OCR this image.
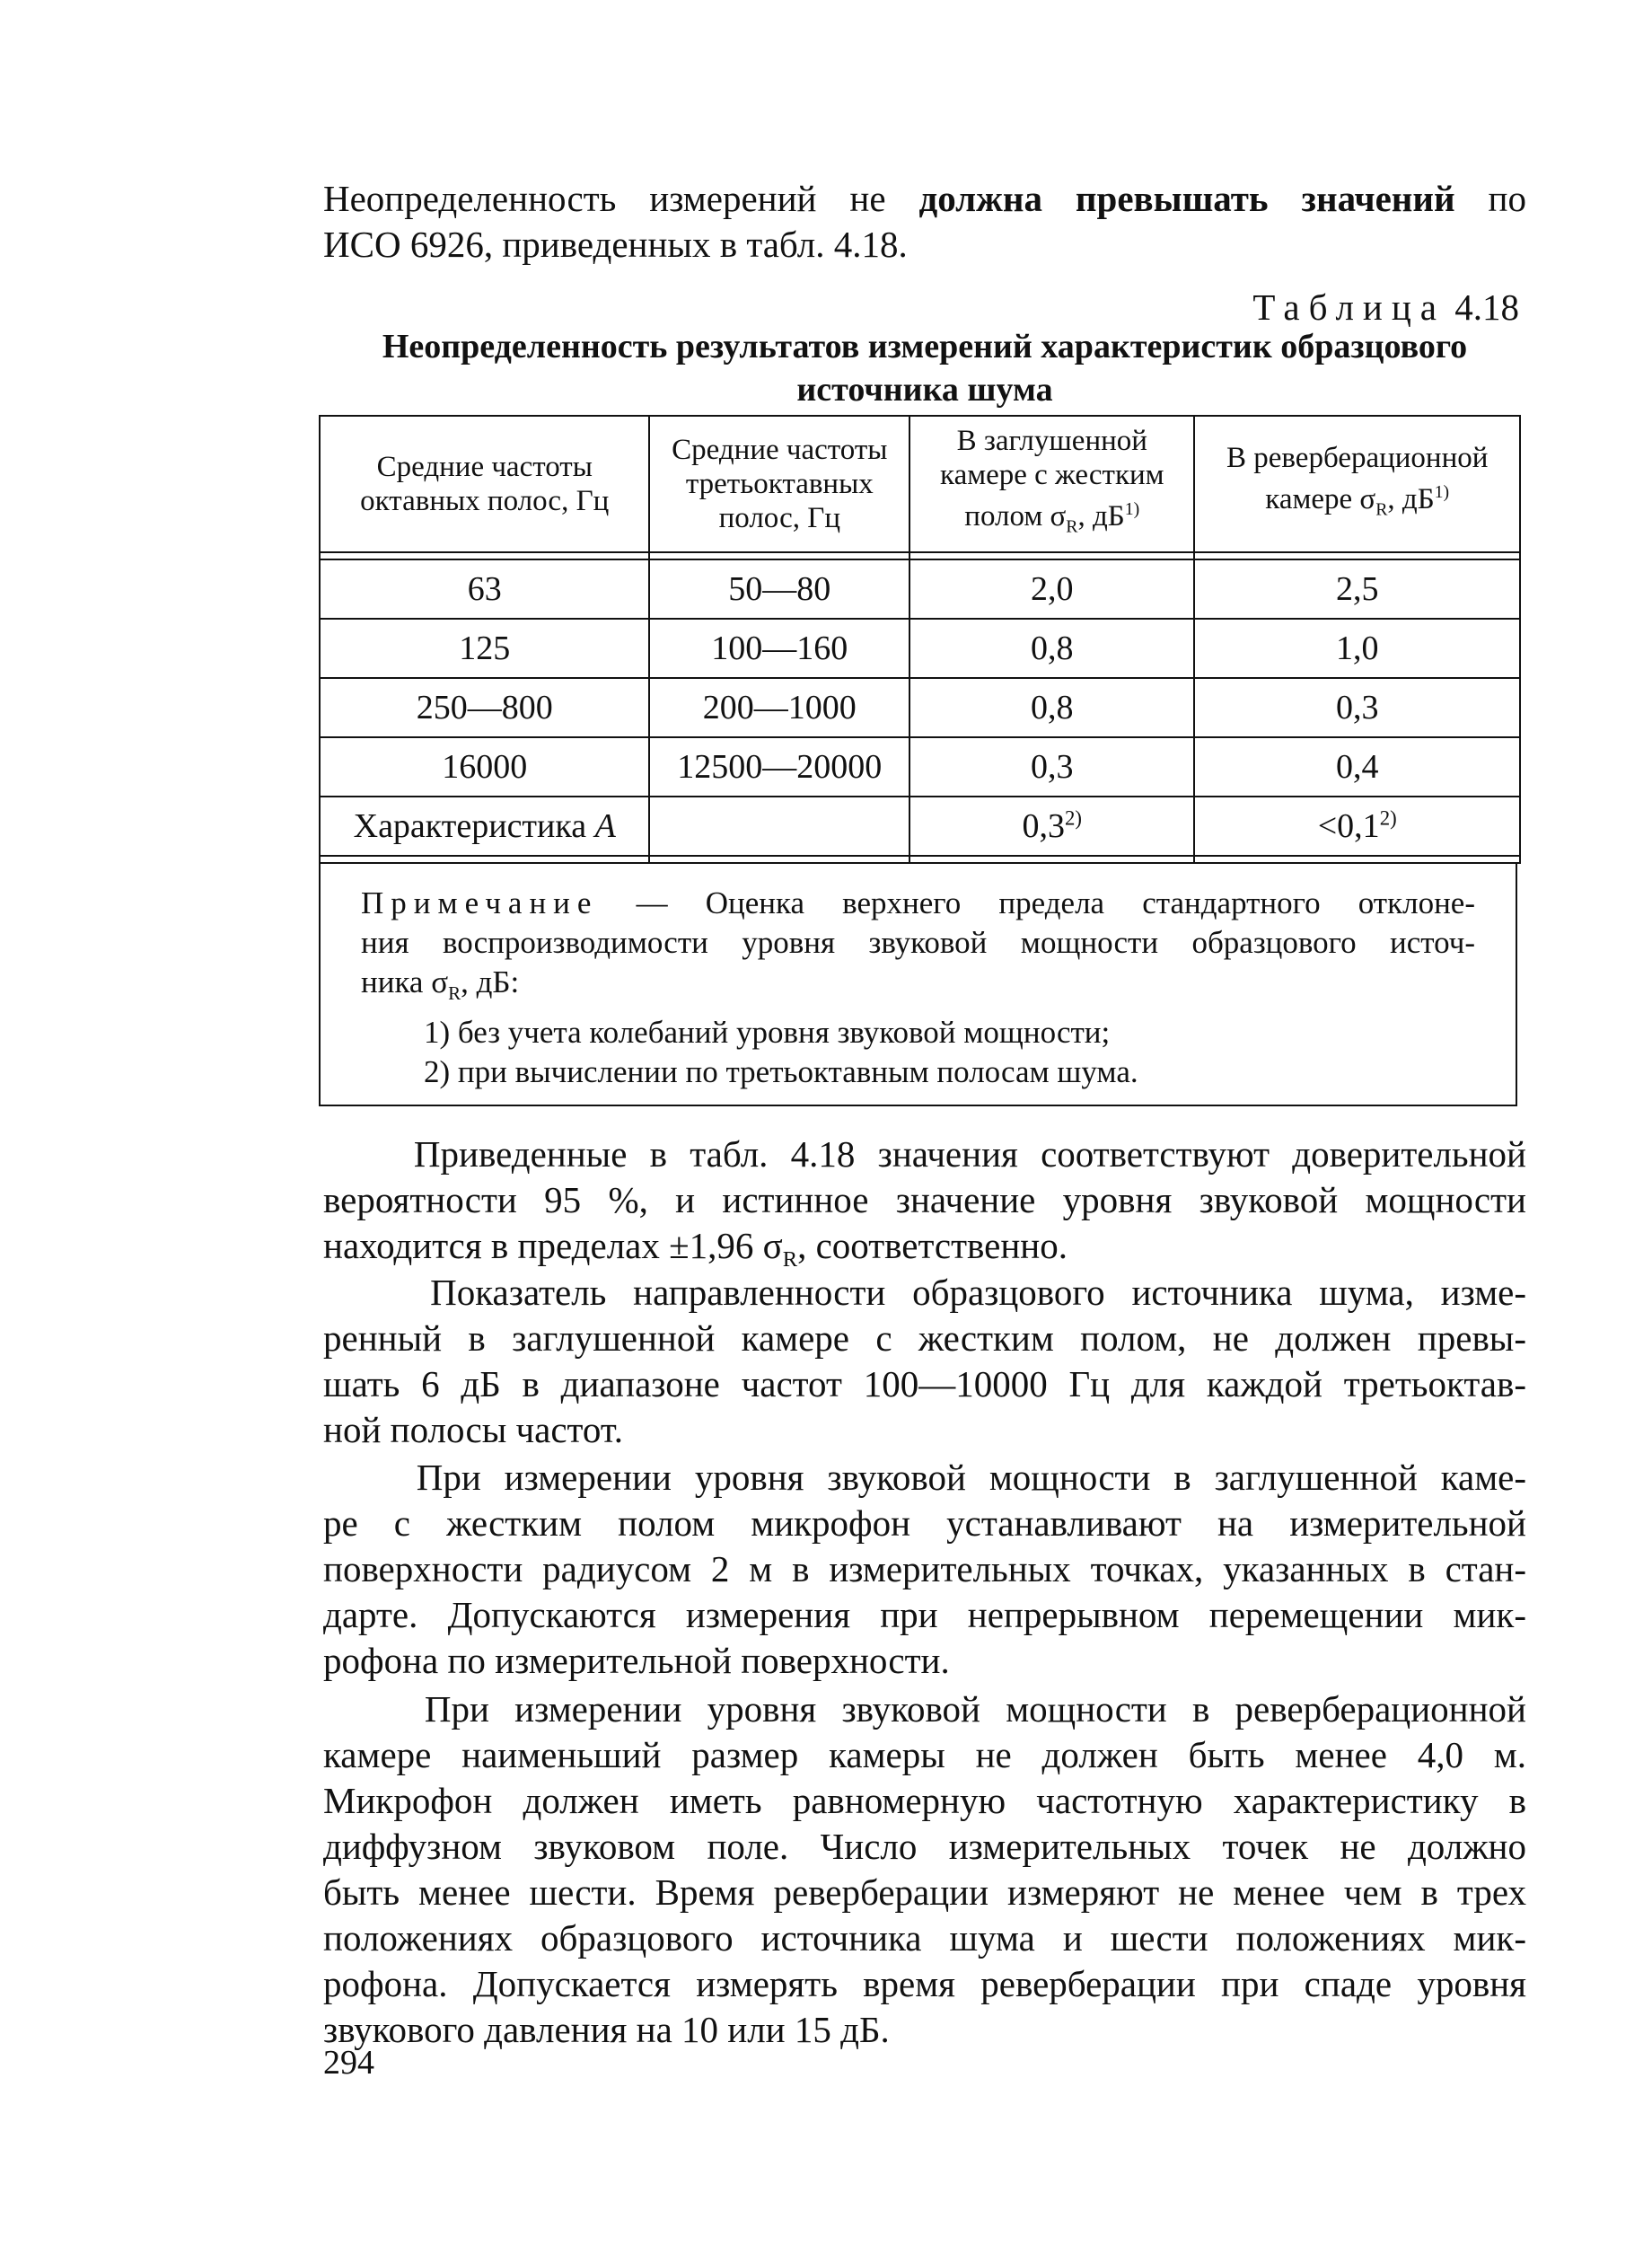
Неопределенность измерений не должна превышать значений по
ИСО 6926, приведенных в табл. 4.18.

Таблица 4.18
Неопределенность результатов измерений характеристик образцового
источника шума
Средние частоты октавных полос, Гц	Средние частоты третьоктавных полос, Гц	В заглушенной камере с жестким полом $\sigma_R$, $дБ^{1)}$	В реверберационной камере $\sigma_R$, $дБ^{1)}$

63	50—80	2,0	2,5
125	100—160	0,8	1,0
250—800	200—1000	0,8	0,3
16000	12500—20000	0,3	0,4
Характеристика А		$0,3^{2)}$	$<0,1^{2)}$

Примечание — Оценка верхнего предела стандартного отклоне-
ния воспроизводимости уровня звуковой мощности образцового источ-
ника $\sigma_R$, дБ:
1) без учета колебаний уровня звуковой мощности;
2) при вычислении по третьоктавным полосам шума.

Приведенные в табл. 4.18 значения соответствуют доверительной
вероятности 95 %, и истинное значение уровня звуковой мощности
находится в пределах ±1,96 $\sigma_R$, соответственно.

Показатель направленности образцового источника шума, изме-
ренный в заглушенной камере с жестким полом, не должен превы-
шать 6 дБ в диапазоне частот 100—10000 Гц для каждой третьоктав-
ной полосы частот.

При измерении уровня звуковой мощности в заглушенной каме-
ре с жестким полом микрофон устанавливают на измерительной
поверхности радиусом 2 м в измерительных точках, указанных в стан-
дарте. Допускаются измерения при непрерывном перемещении мик-
рофона по измерительной поверхности.

При измерении уровня звуковой мощности в реверберационной
камере наименьший размер камеры не должен быть менее 4,0 м.
Микрофон должен иметь равномерную частотную характеристику в
диффузном звуковом поле. Число измерительных точек не должно
быть менее шести. Время реверберации измеряют не менее чем в трех
положениях образцового источника шума и шести положениях мик-
рофона. Допускается измерять время реверберации при спаде уровня
звукового давления на 10 или 15 дБ.

294
